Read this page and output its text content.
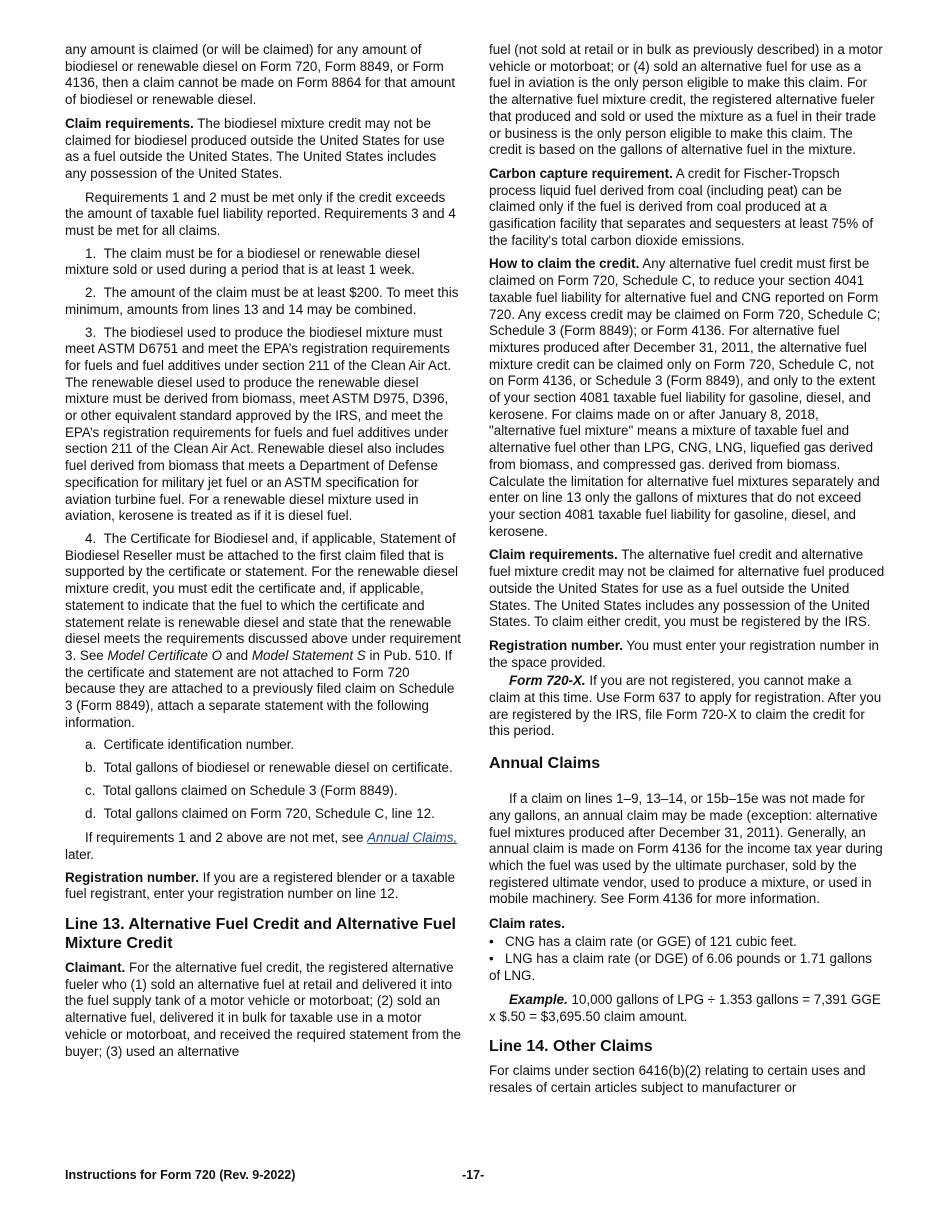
any amount is claimed (or will be claimed) for any amount of biodiesel or renewable diesel on Form 720, Form 8849, or Form 4136, then a claim cannot be made on Form 8864 for that amount of biodiesel or renewable diesel.

Claim requirements. The biodiesel mixture credit may not be claimed for biodiesel produced outside the United States for use as a fuel outside the United States. The United States includes any possession of the United States.

Requirements 1 and 2 must be met only if the credit exceeds the amount of taxable fuel liability reported. Requirements 3 and 4 must be met for all claims.

1.  The claim must be for a biodiesel or renewable diesel mixture sold or used during a period that is at least 1 week.

2.  The amount of the claim must be at least $200. To meet this minimum, amounts from lines 13 and 14 may be combined.

3.  The biodiesel used to produce the biodiesel mixture must meet ASTM D6751 and meet the EPA’s registration requirements for fuels and fuel additives under section 211 of the Clean Air Act. The renewable diesel used to produce the renewable diesel mixture must be derived from biomass, meet ASTM D975, D396, or other equivalent standard approved by the IRS, and meet the EPA’s registration requirements for fuels and fuel additives under section 211 of the Clean Air Act. Renewable diesel also includes fuel derived from biomass that meets a Department of Defense specification for military jet fuel or an ASTM specification for aviation turbine fuel. For a renewable diesel mixture used in aviation, kerosene is treated as if it is diesel fuel.

4.  The Certificate for Biodiesel and, if applicable, Statement of Biodiesel Reseller must be attached to the first claim filed that is supported by the certificate or statement. For the renewable diesel mixture credit, you must edit the certificate and, if applicable, statement to indicate that the fuel to which the certificate and statement relate is renewable diesel and state that the renewable diesel meets the requirements discussed above under requirement 3. See Model Certificate O and Model Statement S in Pub. 510. If the certificate and statement are not attached to Form 720 because they are attached to a previously filed claim on Schedule 3 (Form 8849), attach a separate statement with the following information.

a.  Certificate identification number.

b.  Total gallons of biodiesel or renewable diesel on certificate.

c.  Total gallons claimed on Schedule 3 (Form 8849).

d.  Total gallons claimed on Form 720, Schedule C, line 12.

If requirements 1 and 2 above are not met, see Annual Claims, later.

Registration number. If you are a registered blender or a taxable fuel registrant, enter your registration number on line 12.

Line 13. Alternative Fuel Credit and Alternative Fuel Mixture Credit

Claimant. For the alternative fuel credit, the registered alternative fueler who (1) sold an alternative fuel at retail and delivered it into the fuel supply tank of a motor vehicle or motorboat; (2) sold an alternative fuel, delivered it in bulk for taxable use in a motor vehicle or motorboat, and received the required statement from the buyer; (3) used an alternative

fuel (not sold at retail or in bulk as previously described) in a motor vehicle or motorboat; or (4) sold an alternative fuel for use as a fuel in aviation is the only person eligible to make this claim. For the alternative fuel mixture credit, the registered alternative fueler that produced and sold or used the mixture as a fuel in their trade or business is the only person eligible to make this claim. The credit is based on the gallons of alternative fuel in the mixture.

Carbon capture requirement. A credit for Fischer-Tropsch process liquid fuel derived from coal (including peat) can be claimed only if the fuel is derived from coal produced at a gasification facility that separates and sequesters at least 75% of the facility's total carbon dioxide emissions.

How to claim the credit. Any alternative fuel credit must first be claimed on Form 720, Schedule C, to reduce your section 4041 taxable fuel liability for alternative fuel and CNG reported on Form 720. Any excess credit may be claimed on Form 720, Schedule C; Schedule 3 (Form 8849); or Form 4136. For alternative fuel mixtures produced after December 31, 2011, the alternative fuel mixture credit can be claimed only on Form 720, Schedule C, not on Form 4136, or Schedule 3 (Form 8849), and only to the extent of your section 4081 taxable fuel liability for gasoline, diesel, and kerosene. For claims made on or after January 8, 2018, "alternative fuel mixture" means a mixture of taxable fuel and alternative fuel other than LPG, CNG, LNG, liquefied gas derived from biomass, and compressed gas. derived from biomass. Calculate the limitation for alternative fuel mixtures separately and enter on line 13 only the gallons of mixtures that do not exceed your section 4081 taxable fuel liability for gasoline, diesel, and kerosene.

Claim requirements. The alternative fuel credit and alternative fuel mixture credit may not be claimed for alternative fuel produced outside the United States for use as a fuel outside the United States. The United States includes any possession of the United States. To claim either credit, you must be registered by the IRS.

Registration number. You must enter your registration number in the space provided.

Form 720-X. If you are not registered, you cannot make a claim at this time. Use Form 637 to apply for registration. After you are registered by the IRS, file Form 720-X to claim the credit for this period.

Annual Claims

If a claim on lines 1–9, 13–14, or 15b–15e was not made for any gallons, an annual claim may be made (exception: alternative fuel mixtures produced after December 31, 2011). Generally, an annual claim is made on Form 4136 for the income tax year during which the fuel was used by the ultimate purchaser, sold by the registered ultimate vendor, used to produce a mixture, or used in mobile machinery. See Form 4136 for more information.

Claim rates.

• CNG has a claim rate (or GGE) of 121 cubic feet.
• LNG has a claim rate (or DGE) of 6.06 pounds or 1.71 gallons of LNG.

Example. 10,000 gallons of LPG ÷ 1.353 gallons = 7,391 GGE x $.50 = $3,695.50 claim amount.

Line 14. Other Claims

For claims under section 6416(b)(2) relating to certain uses and resales of certain articles subject to manufacturer or

Instructions for Form 720 (Rev. 9-2022)	-17-
